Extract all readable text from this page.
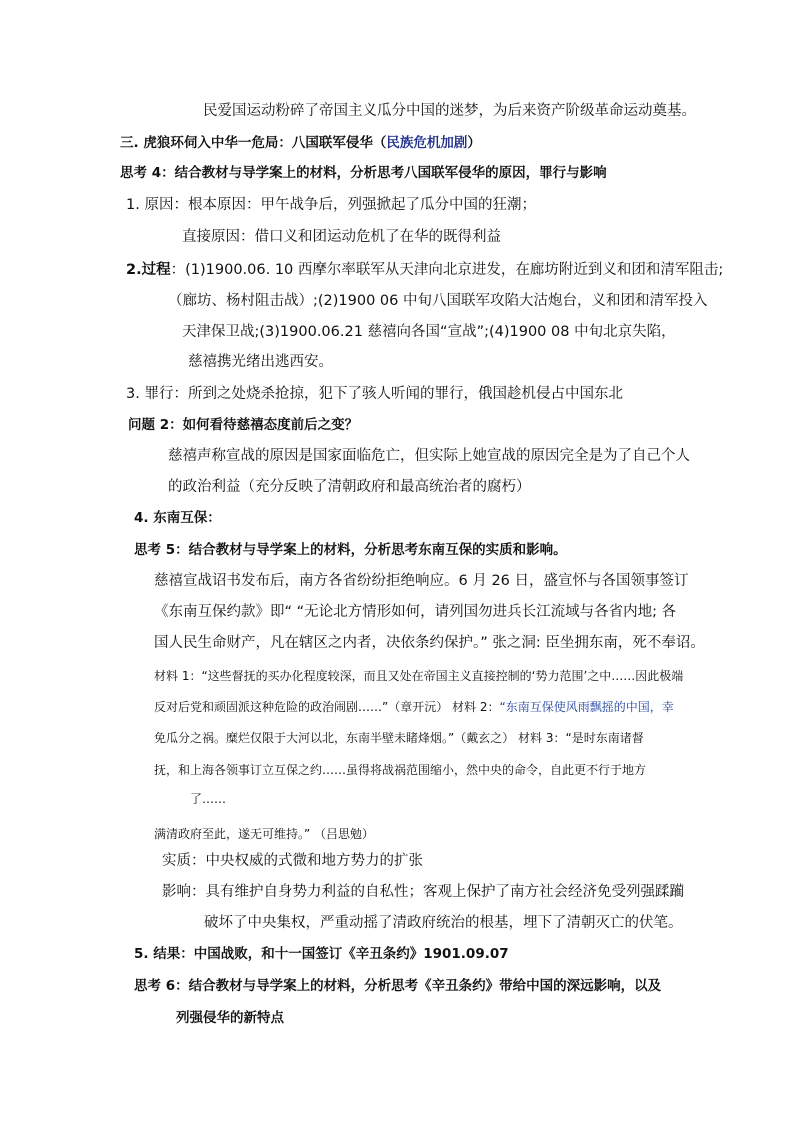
民爱国运动粉碎了帝国主义瓜分中国的迷梦，为后来资产阶级革命运动奠基。
三. 虎狼环伺入中华一危局：八国联军侵华（民族危机加剧）
思考 4：结合教材与导学案上的材料，分析思考八国联军侵华的原因，罪行与影响
1. 原因：根本原因：甲午战争后，列强掀起了瓜分中国的狂潮；
直接原因：借口义和团运动危机了在华的既得利益
2.过程：(1)1900.06. 10 西摩尔率联军从天津向北京进发，在廊坊附近到义和团和清军阻击;
（廊坊、杨村阻击战）;(2)1900 06 中旬八国联军攻陷大沽炮台，义和团和清军投入
天津保卫战;(3)1900.06.21 慈禧向各国“宣战”;(4)1900 08 中旬北京失陷，
慈禧携光绪出逃西安。
3. 罪行：所到之处烧杀抢掠，犯下了骇人听闻的罪行，俄国趁机侵占中国东北
问题 2：如何看待慈禧态度前后之变？
慈禧声称宣战的原因是国家面临危亡，但实际上她宣战的原因完全是为了自己个人
的政治利益（充分反映了清朝政府和最高统治者的腐朽）
4. 东南互保：
思考 5：结合教材与导学案上的材料，分析思考东南互保的实质和影响。
慈禧宣战诏书发布后，南方各省纷纷拒绝响应。6 月 26 日，盛宣怀与各国领事签订
《东南互保约款》即“ “无论北方情形如何，请列国勿进兵长江流域与各省内地; 各
国人民生命财产，凡在辖区之内者，决依条约保护。” 张之洞: 臣坐拥东南，死不奉诏。
材料 1：“这些督抚的买办化程度较深，而且又处在帝国主义直接控制的‘势力范围’之中……因此极端
反对后党和顽固派这种危险的政治闹剧……”（章开沅） 材料 2：“东南互保使风雨飘摇的中国，幸
免瓜分之祸。糜烂仅限于大河以北，东南半壁未睹烽烟。”（戴玄之） 材料 3：“是时东南诸督
抚，和上海各领事订立互保之约……虽得将战祸范围缩小，然中央的命令，自此更不行于地方
了……
满清政府至此，遂无可维持。” （吕思勉）
实质：中央权威的式微和地方势力的扩张
影响：具有维护自身势力利益的自私性；客观上保护了南方社会经济免受列强蹂躏
破坏了中央集权，严重动摇了清政府统治的根基，埋下了清朝灭亡的伏笔。
5. 结果：中国战败，和十一国签订《辛丑条约》1901.09.07
思考 6：结合教材与导学案上的材料，分析思考《辛丑条约》带给中国的深远影响，以及
列强侵华的新特点
